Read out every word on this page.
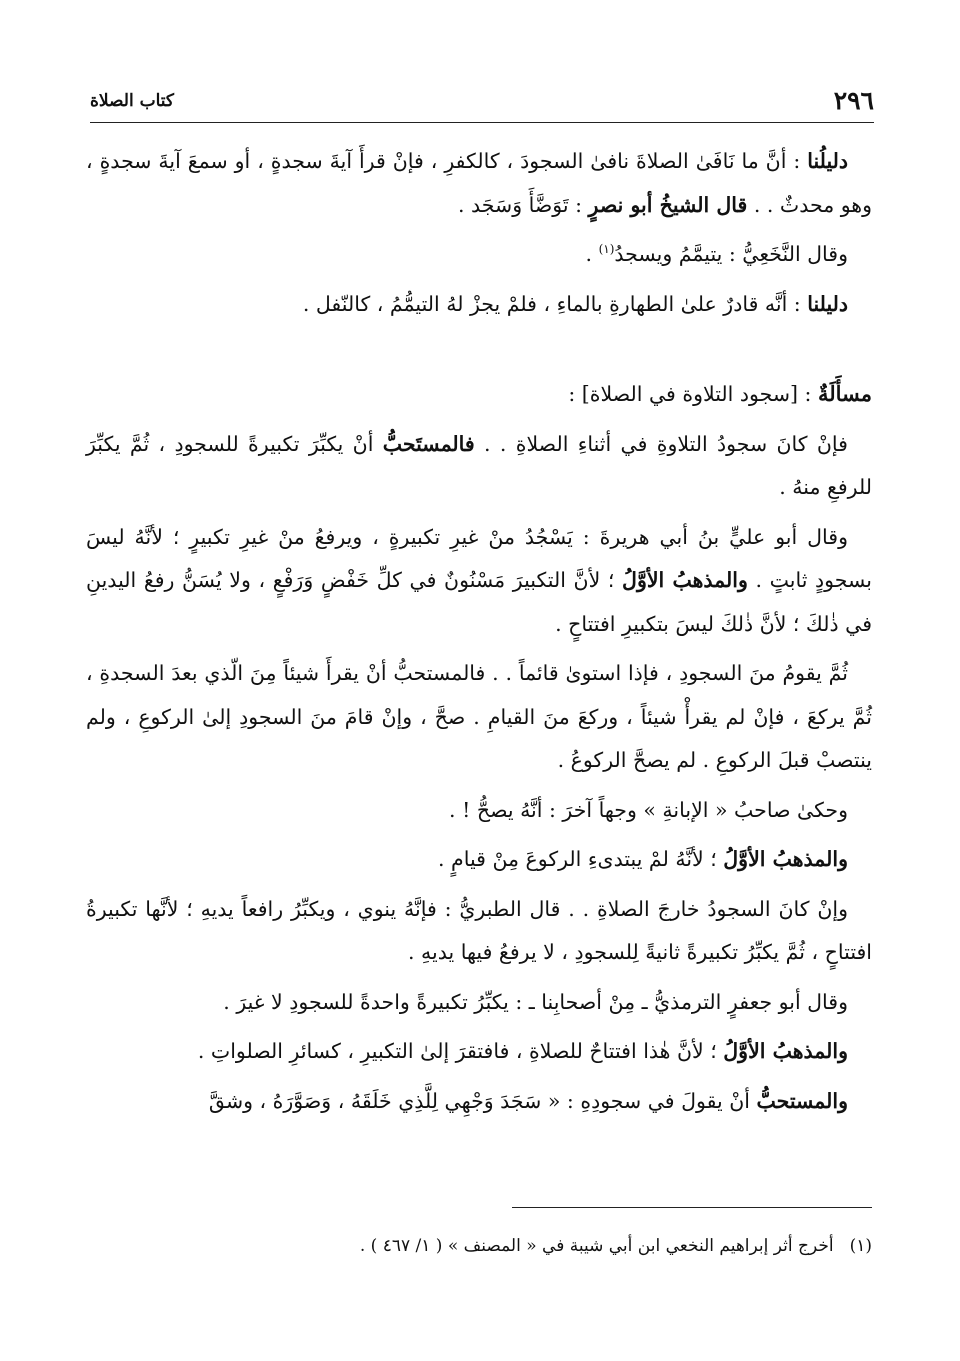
٢٩٦
كتاب الصلاة

دليلُنا : أنَّ ما نَافَىٰ الصلاةَ نافىٰ السجودَ ، كالكفرِ ، فإنْ قرأَ آيةَ سجدةٍ ، أو سمعَ آيةَ سجدةٍ ، وهو محدثٌ . . قال الشيخُ أبو نصرٍ : تَوَضَّأَ وَسَجَد .

وقال النَّخَعِيُّ : يتيمَّمُ ويسجدُ$^{(١)}$ .

دليلنا : أنَّه قادرٌ علىٰ الطهارةِ بالماءِ ، فلمْ يجزْ لهُ التيمُّمُ ، كالنّفل .

مسأَلَةٌ : [سجود التلاوة في الصلاة] :

فإنْ كانَ سجودُ التلاوةِ في أثناءِ الصلاةِ . . فالمستَحبُّ أنْ يكبِّرَ تكبيرةً للسجودِ ، ثُمَّ يكبِّرَ للرفعِ منهُ .

وقال أبو عليٍّ بنُ أبي هريرةَ : يَسْجُدُ منْ غيرِ تكبيرةٍ ، ويرفعُ منْ غيرِ تكبيرٍ ؛ لأنَّهُ ليسَ بسجودٍ ثابتٍ . والمذهبُ الأوَّلُ ؛ لأنَّ التكبيرَ مَسْنُونٌ في كلِّ خَفْضٍ وَرَفْعٍ ، ولا يُسَنُّ رفعُ اليدينِ في ذٰلكَ ؛ لأنَّ ذٰلكَ ليسَ بتكبيرِ افتتاحٍ .

ثُمَّ يقومُ منَ السجودِ ، فإذا استوىٰ قائماً . . فالمستحبُّ أنْ يقرأَ شيئاً مِنَ الّذي بعدَ السجدةِ ، ثُمَّ يركعَ ، فإنْ لم يقرأْ شيئاً ، وركعَ منَ القيامِ . صحَّ ، وإنْ قامَ منَ السجودِ إلىٰ الركوعِ ، ولم ينتصبْ قبلَ الركوعِ . لم يصحَّ الركوعُ .

وحكىٰ صاحبُ « الإبانةِ » وجهاً آخرَ : أنَّهُ يصحُّ ! .

والمذهبُ الأوَّلُ ؛ لأنَّهُ لمْ يبتدىءِ الركوعَ مِنْ قيامٍ .

وإنْ كانَ السجودُ خارجَ الصلاةِ . . قال الطبريُّ : فإنَّهُ ينوي ، ويكبِّرُ رافعاً يديهِ ؛ لأنَّها تكبيرةُ افتتاحٍ ، ثُمَّ يكبِّرُ تكبيرةً ثانيةً لِلسجودِ ، لا يرفعُ فيها يديهِ .

وقال أبو جعفرٍ الترمذيُّ ـ مِنْ أصحابِنا ـ : يكبِّرُ تكبيرةً واحدةً للسجودِ لا غيرَ .

والمذهبُ الأوَّلُ ؛ لأنَّ هٰذا افتتاحٌ للصلاةِ ، فافتقرَ إلىٰ التكبيرِ ، كسائرِ الصلواتِ .

والمستحبُّ أنْ يقولَ في سجودِهِ : « سَجَدَ وَجْهِي لِلَّذِي خَلَقَهُ ، وَصَوَّرَهُ ، وشقَّ

(١)أخرج أثر إبراهيم النخعي ابن أبي شيبة في « المصنف » ( ١/ ٤٦٧ ) .
